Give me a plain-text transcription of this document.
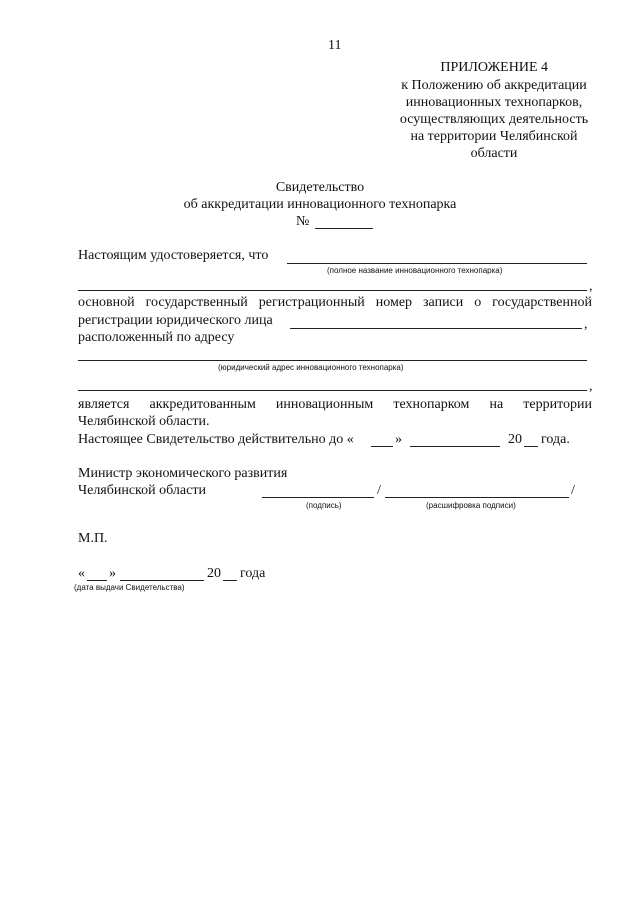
11
ПРИЛОЖЕНИЕ 4
к Положению об аккредитации
инновационных технопарков,
осуществляющих деятельность
на территории Челябинской
области
Свидетельство
об аккредитации инновационного технопарка
№
Настоящим удостоверяется, что
(полное название инновационного технопарка)
,
основной государственный регистрационный номер записи о государственной
регистрации юридического лица	,
расположенный по адресу
(юридический адрес инновационного технопарка)
,
является аккредитованным инновационным технопарком на территории
Челябинской области.
Настоящее Свидетельство действительно до «	»	20 года.
Министр экономического развития
Челябинской области	/	/
(подпись)	(расшифровка подписи)
М.П.
« »	20 года
(дата выдачи Свидетельства)
